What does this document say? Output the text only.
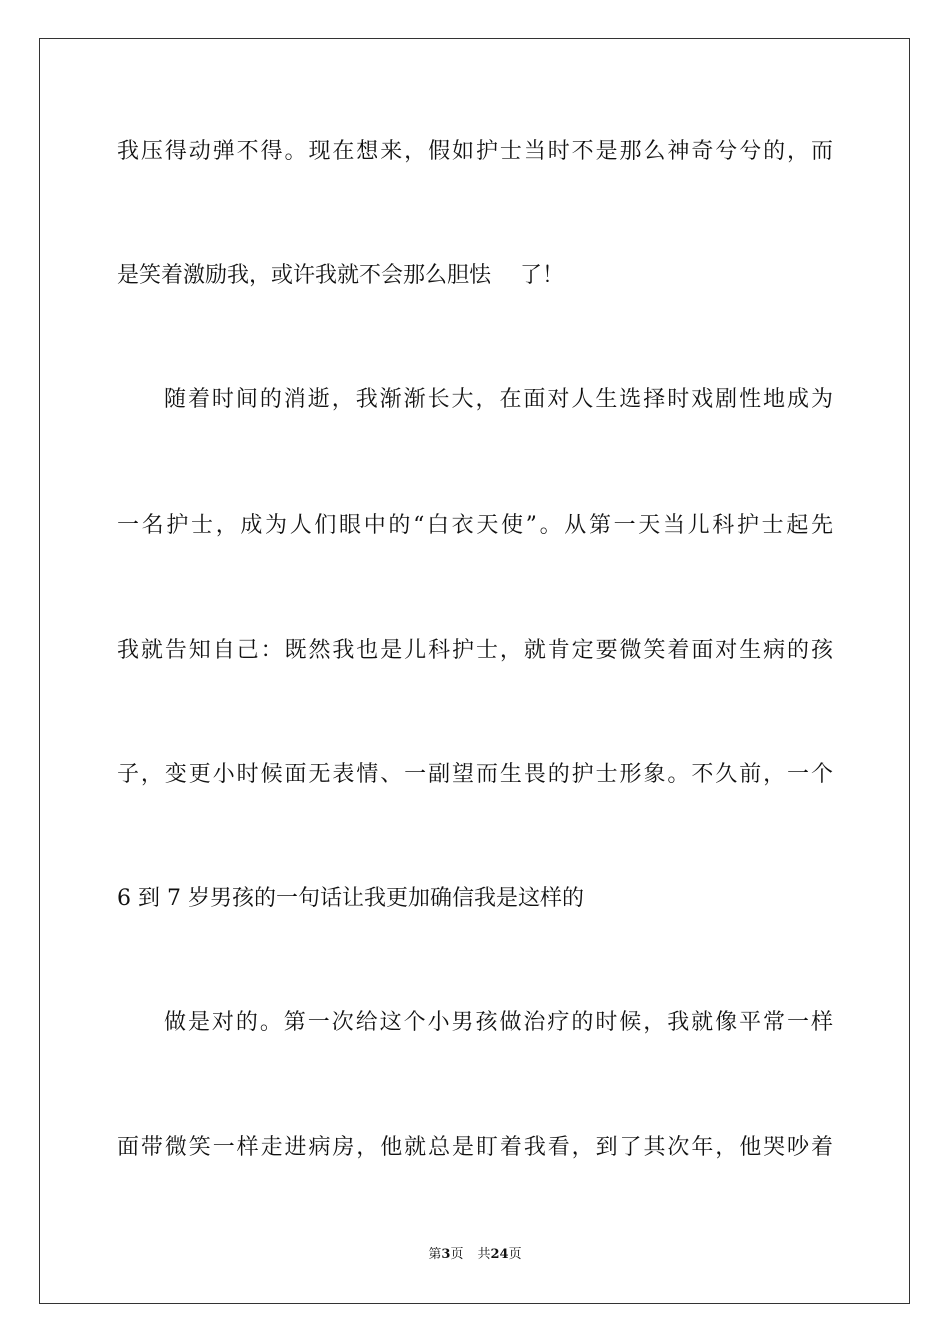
我压得动弹不得。现在想来，假如护士当时不是那么神奇兮兮的，而
是笑着激励我，或许我就不会那么胆怯　 了！
随着时间的消逝，我渐渐长大，在面对人生选择时戏剧性地成为
一名护士，成为人们眼中的“白衣天使”。从第一天当儿科护士起先
我就告知自己：既然我也是儿科护士，就肯定要微笑着面对生病的孩
子，变更小时候面无表情、一副望而生畏的护士形象。不久前，一个
6 到 7 岁男孩的一句话让我更加确信我是这样的
做是对的。第一次给这个小男孩做治疗的时候，我就像平常一样
面带微笑一样走进病房，他就总是盯着我看，到了其次年，他哭吵着
第3页 共24页
